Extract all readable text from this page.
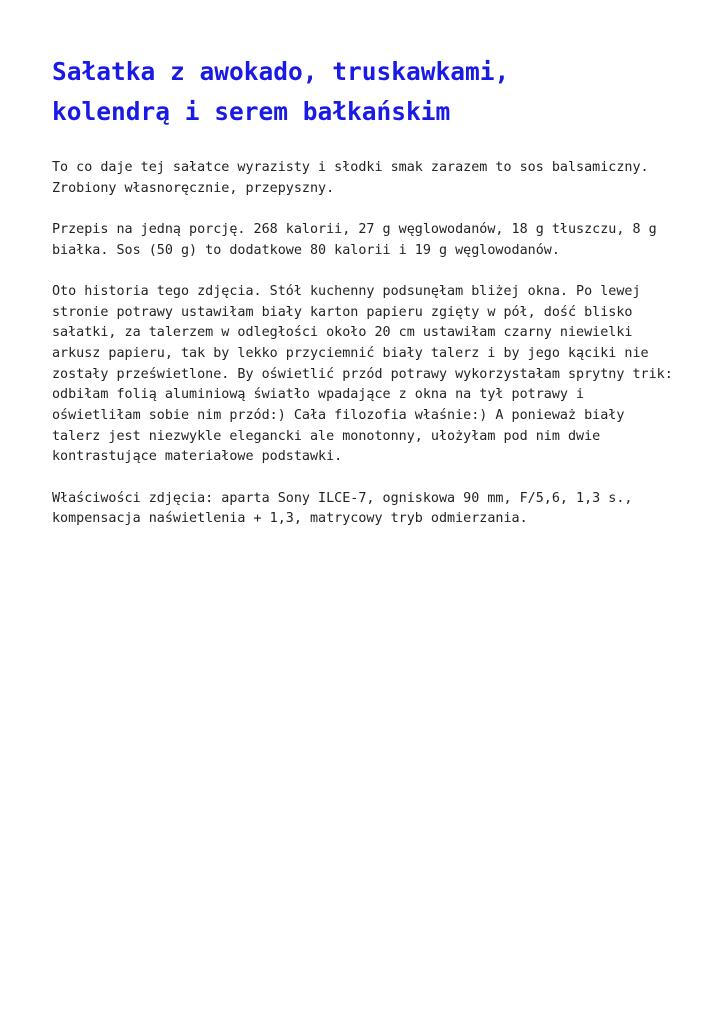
Sałatka z awokado, truskawkami,
kolendrą i serem bałkańskim

To co daje tej sałatce wyrazisty i słodki smak zarazem to sos balsamiczny.
Zrobiony własnoręcznie, przepyszny.

Przepis na jedną porcję. 268 kalorii, 27 g węglowodanów, 18 g tłuszczu, 8 g
białka. Sos (50 g) to dodatkowe 80 kalorii i 19 g węglowodanów.

Oto historia tego zdjęcia. Stół kuchenny podsunęłam bliżej okna. Po lewej
stronie potrawy ustawiłam biały karton papieru zgięty w pół, dość blisko
sałatki, za talerzem w odległości około 20 cm ustawiłam czarny niewielki
arkusz papieru, tak by lekko przyciemnić biały talerz i by jego kąciki nie
zostały prześwietlone. By oświetlić przód potrawy wykorzystałam sprytny trik:
odbiłam folią aluminiową światło wpadające z okna na tył potrawy i
oświetliłam sobie nim przód:) Cała filozofia właśnie:) A ponieważ biały
talerz jest niezwykle elegancki ale monotonny, ułożyłam pod nim dwie
kontrastujące materiałowe podstawki.

Właściwości zdjęcia: aparta Sony ILCE-7, ogniskowa 90 mm, F/5,6, 1,3 s.,
kompensacja naświetlenia + 1,3, matrycowy tryb odmierzania.
